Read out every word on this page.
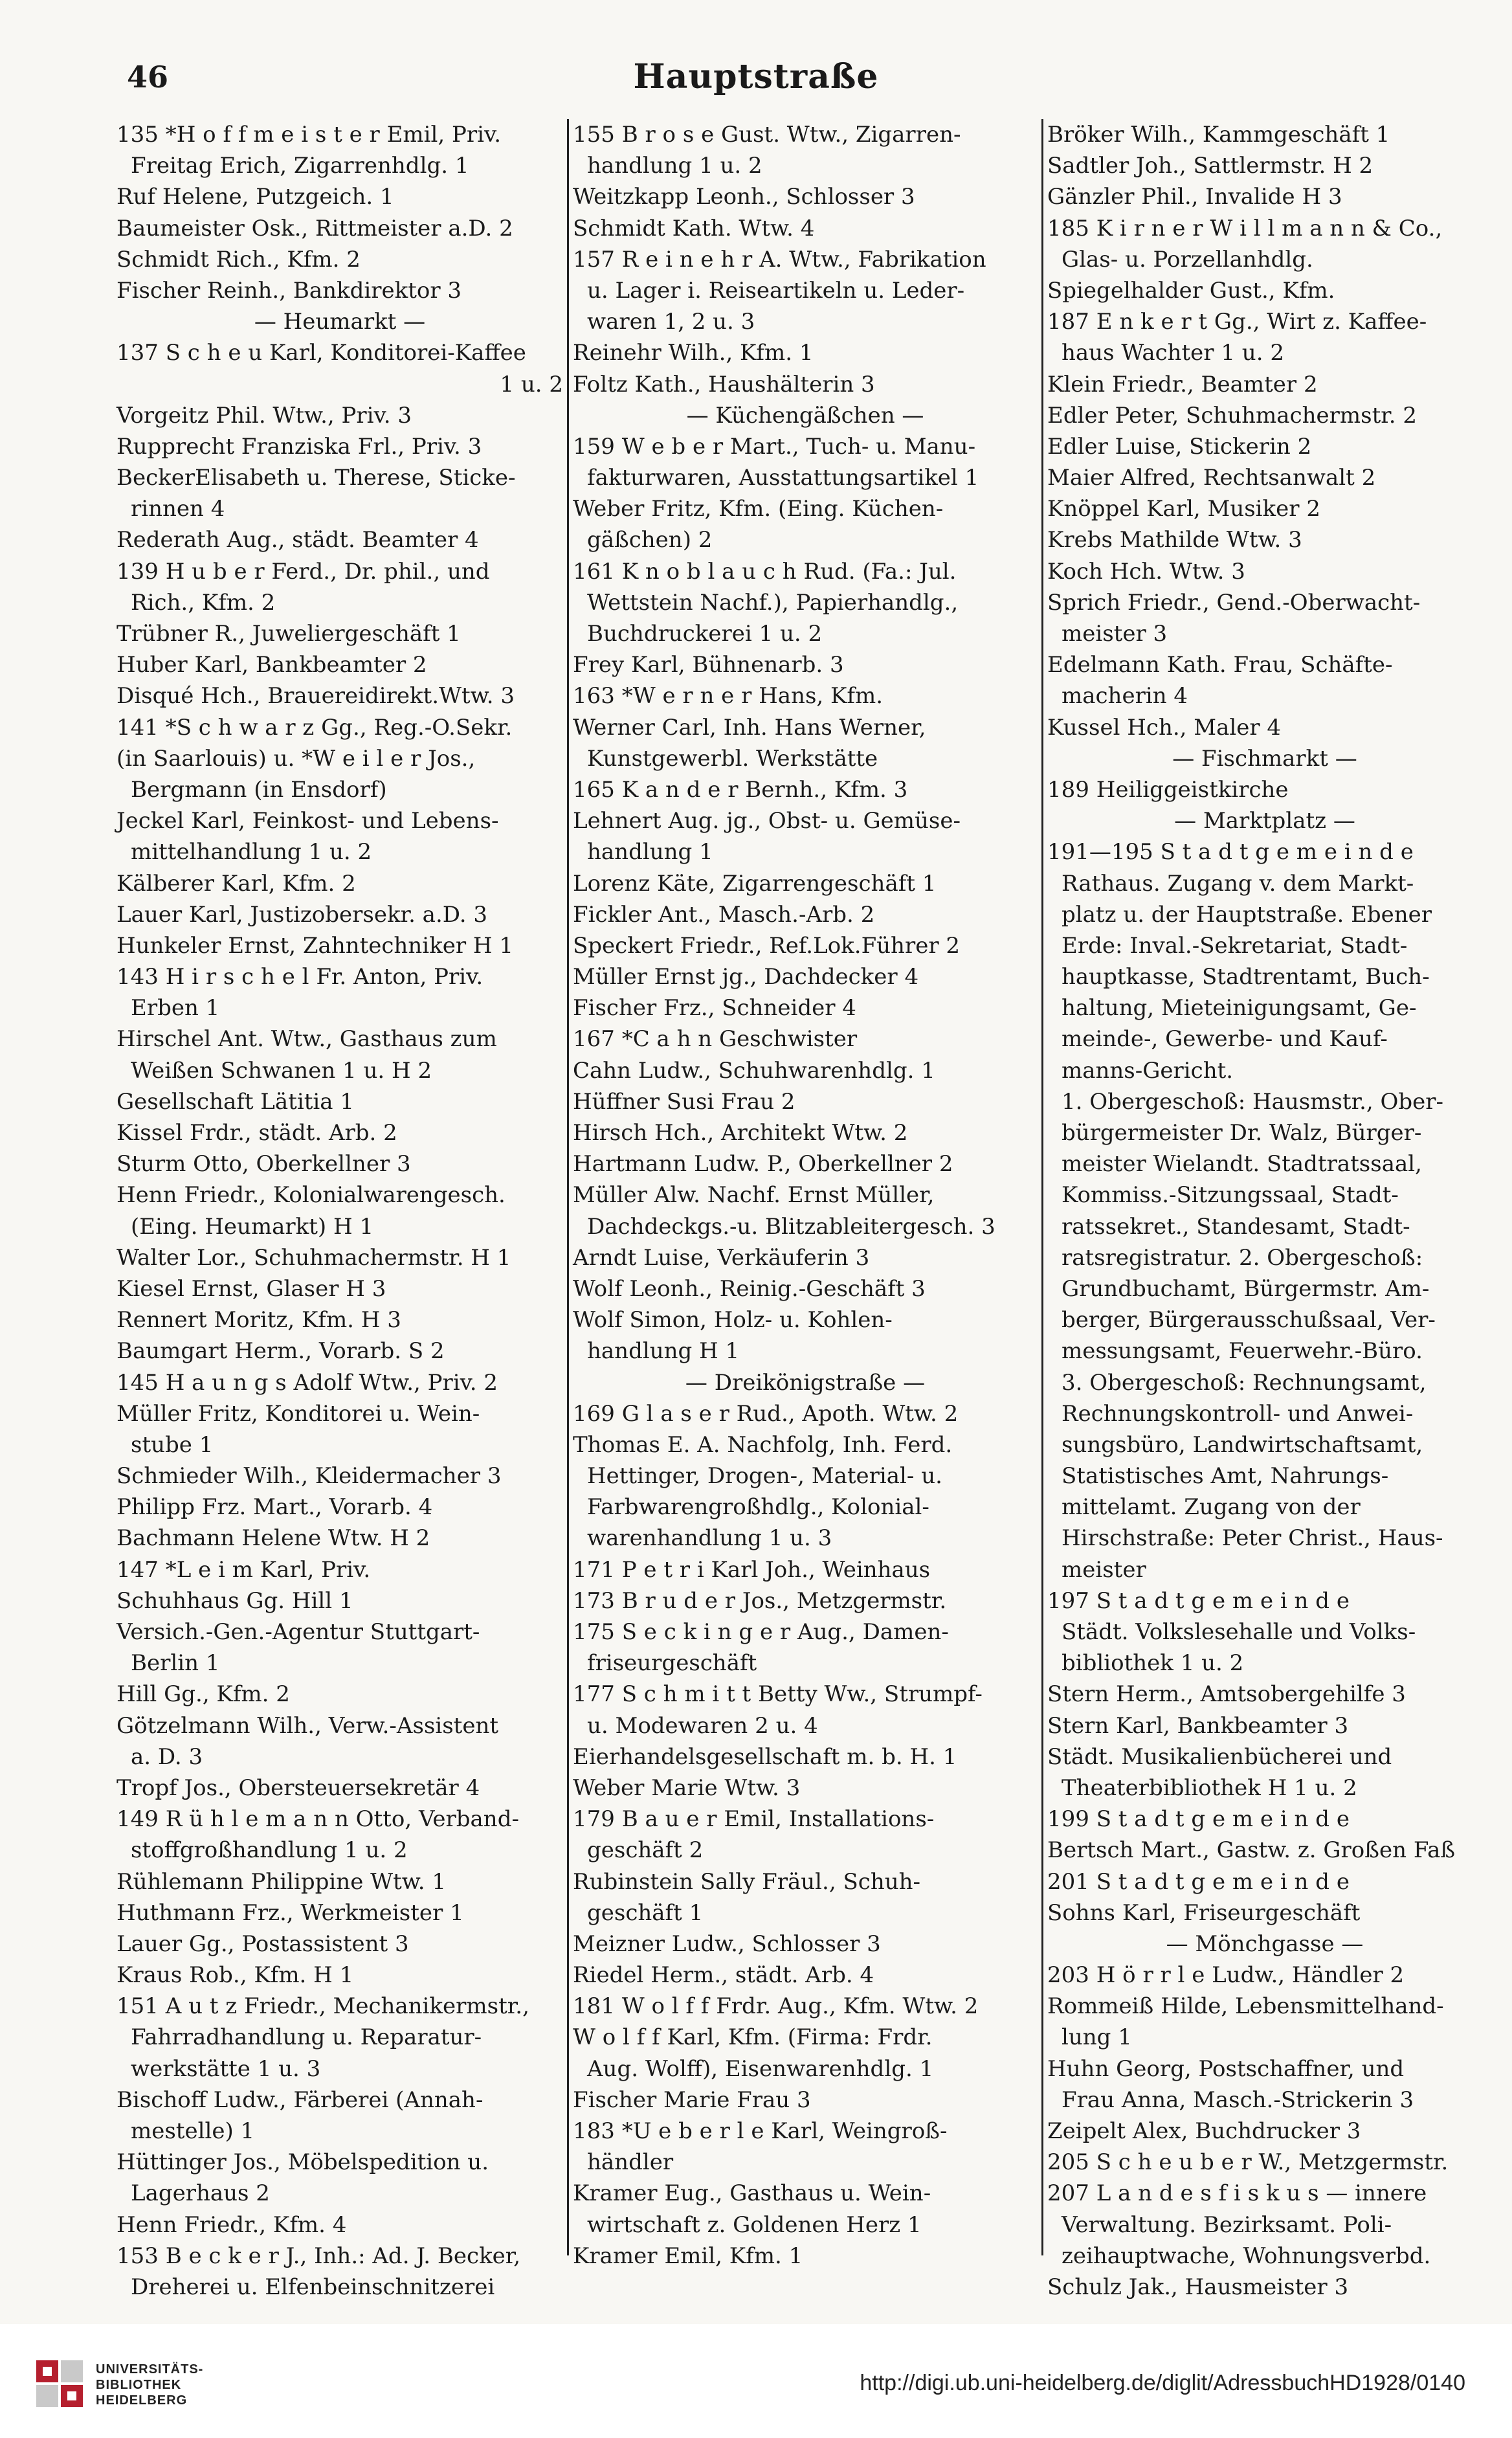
46	Hauptstraße
135 *H o f f m e i s t e r Emil, Priv.
Freitag Erich, Zigarrenhdlg. 1
Ruf Helene, Putzgeich. 1
Baumeister Osk., Rittmeister a.D. 2
Schmidt Rich., Kfm. 2
Fischer Reinh., Bankdirektor 3
— Heumarkt —
137 S c h e u Karl, Konditorei-Kaffee
1 u. 2
Vorgeitz Phil. Wtw., Priv. 3
Rupprecht Franziska Frl., Priv. 3
BeckerElisabeth u. Therese, Sticke-
rinnen 4
Rederath Aug., städt. Beamter 4
139 H u b e r Ferd., Dr. phil., und
Rich., Kfm. 2
Trübner R., Juweliergeschäft 1
Huber Karl, Bankbeamter 2
Disqué Hch., Brauereidirekt.Wtw. 3
141 *S c h w a r z Gg., Reg.-O.Sekr.
(in Saarlouis) u. *W e i l e r Jos.,
Bergmann (in Ensdorf)
Jeckel Karl, Feinkost- und Lebens-
mittelhandlung 1 u. 2
Kälberer Karl, Kfm. 2
Lauer Karl, Justizobersekr. a.D. 3
Hunkeler Ernst, Zahntechniker H 1
143 H i r s c h e l Fr. Anton, Priv.
Erben 1
Hirschel Ant. Wtw., Gasthaus zum
Weißen Schwanen 1 u. H 2
Gesellschaft Lätitia 1
Kissel Frdr., städt. Arb. 2
Sturm Otto, Oberkellner 3
Henn Friedr., Kolonialwarengesch.
(Eing. Heumarkt) H 1
Walter Lor., Schuhmachermstr. H 1
Kiesel Ernst, Glaser H 3
Rennert Moritz, Kfm. H 3
Baumgart Herm., Vorarb. S 2
145 H a u n g s Adolf Wtw., Priv. 2
Müller Fritz, Konditorei u. Wein-
stube 1
Schmieder Wilh., Kleidermacher 3
Philipp Frz. Mart., Vorarb. 4
Bachmann Helene Wtw. H 2
147 *L e i m Karl, Priv.
Schuhhaus Gg. Hill 1
Versich.-Gen.-Agentur Stuttgart-
Berlin 1
Hill Gg., Kfm. 2
Götzelmann Wilh., Verw.-Assistent
a. D. 3
Tropf Jos., Obersteuersekretär 4
149 R ü h l e m a n n Otto, Verband-
stoffgroßhandlung 1 u. 2
Rühlemann Philippine Wtw. 1
Huthmann Frz., Werkmeister 1
Lauer Gg., Postassistent 3
Kraus Rob., Kfm. H 1
151 A u t z Friedr., Mechanikermstr.,
Fahrradhandlung u. Reparatur-
werkstätte 1 u. 3
Bischoff Ludw., Färberei (Annah-
mestelle) 1
Hüttinger Jos., Möbelspedition u.
Lagerhaus 2
Henn Friedr., Kfm. 4
153 B e c k e r J., Inh.: Ad. J. Becker,
Dreherei u. Elfenbeinschnitzerei
155 B r o s e Gust. Wtw., Zigarren-
handlung 1 u. 2
Weitzkapp Leonh., Schlosser 3
Schmidt Kath. Wtw. 4
157 R e i n e h r A. Wtw., Fabrikation
u. Lager i. Reiseartikeln u. Leder-
waren 1, 2 u. 3
Reinehr Wilh., Kfm. 1
Foltz Kath., Haushälterin 3
— Küchengäßchen —
159 W e b e r Mart., Tuch- u. Manu-
fakturwaren, Ausstattungsartikel 1
Weber Fritz, Kfm. (Eing. Küchen-
gäßchen) 2
161 K n o b l a u c h Rud. (Fa.: Jul.
Wettstein Nachf.), Papierhandlg.,
Buchdruckerei 1 u. 2
Frey Karl, Bühnenarb. 3
163 *W e r n e r Hans, Kfm.
Werner Carl, Inh. Hans Werner,
Kunstgewerbl. Werkstätte
165 K a n d e r Bernh., Kfm. 3
Lehnert Aug. jg., Obst- u. Gemüse-
handlung 1
Lorenz Käte, Zigarrengeschäft 1
Fickler Ant., Masch.-Arb. 2
Speckert Friedr., Ref.Lok.Führer 2
Müller Ernst jg., Dachdecker 4
Fischer Frz., Schneider 4
167 *C a h n Geschwister
Cahn Ludw., Schuhwarenhdlg. 1
Hüffner Susi Frau 2
Hirsch Hch., Architekt Wtw. 2
Hartmann Ludw. P., Oberkellner 2
Müller Alw. Nachf. Ernst Müller,
Dachdeckgs.-u. Blitzableitergesch. 3
Arndt Luise, Verkäuferin 3
Wolf Leonh., Reinig.-Geschäft 3
Wolf Simon, Holz- u. Kohlen-
handlung H 1
— Dreikönigstraße —
169 G l a s e r Rud., Apoth. Wtw. 2
Thomas E. A. Nachfolg, Inh. Ferd.
Hettinger, Drogen-, Material- u.
Farbwarengroßhdlg., Kolonial-
warenhandlung 1 u. 3
171 P e t r i Karl Joh., Weinhaus
173 B r u d e r Jos., Metzgermstr.
175 S e c k i n g e r Aug., Damen-
friseurgeschäft
177 S c h m i t t Betty Ww., Strumpf-
u. Modewaren 2 u. 4
Eierhandelsgesellschaft m. b. H. 1
Weber Marie Wtw. 3
179 B a u e r Emil, Installations-
geschäft 2
Rubinstein Sally Fräul., Schuh-
geschäft 1
Meizner Ludw., Schlosser 3
Riedel Herm., städt. Arb. 4
181 W o l f f Frdr. Aug., Kfm. Wtw. 2
W o l f f Karl, Kfm. (Firma: Frdr.
Aug. Wolff), Eisenwarenhdlg. 1
Fischer Marie Frau 3
183 *U e b e r l e Karl, Weingroß-
händler
Kramer Eug., Gasthaus u. Wein-
wirtschaft z. Goldenen Herz 1
Kramer Emil, Kfm. 1
Bröker Wilh., Kammgeschäft 1
Sadtler Joh., Sattlermstr. H 2
Gänzler Phil., Invalide H 3
185 K i r n e r W i l l m a n n & Co.,
Glas- u. Porzellanhdlg.
Spiegelhalder Gust., Kfm.
187 E n k e r t Gg., Wirt z. Kaffee-
haus Wachter 1 u. 2
Klein Friedr., Beamter 2
Edler Peter, Schuhmachermstr. 2
Edler Luise, Stickerin 2
Maier Alfred, Rechtsanwalt 2
Knöppel Karl, Musiker 2
Krebs Mathilde Wtw. 3
Koch Hch. Wtw. 3
Sprich Friedr., Gend.-Oberwacht-
meister 3
Edelmann Kath. Frau, Schäfte-
macherin 4
Kussel Hch., Maler 4
— Fischmarkt —
189 Heiliggeistkirche
— Marktplatz —
191—195 S t a d t g e m e i n d e
Rathaus. Zugang v. dem Markt-
platz u. der Hauptstraße. Ebener
Erde: Inval.-Sekretariat, Stadt-
hauptkasse, Stadtrentamt, Buch-
haltung, Mieteinigungsamt, Ge-
meinde-, Gewerbe- und Kauf-
manns-Gericht.
1. Obergeschoß: Hausmstr., Ober-
bürgermeister Dr. Walz, Bürger-
meister Wielandt. Stadtratssaal,
Kommiss.-Sitzungssaal, Stadt-
ratssekret., Standesamt, Stadt-
ratsregistratur. 2. Obergeschoß:
Grundbuchamt, Bürgermstr. Am-
berger, Bürgerausschußsaal, Ver-
messungsamt, Feuerwehr.-Büro.
3. Obergeschoß: Rechnungsamt,
Rechnungskontroll- und Anwei-
sungsbüro, Landwirtschaftsamt,
Statistisches Amt, Nahrungs-
mittelamt. Zugang von der
Hirschstraße: Peter Christ., Haus-
meister
197 S t a d t g e m e i n d e
Städt. Volkslesehalle und Volks-
bibliothek 1 u. 2
Stern Herm., Amtsobergehilfe 3
Stern Karl, Bankbeamter 3
Städt. Musikalienbücherei und
Theaterbibliothek H 1 u. 2
199 S t a d t g e m e i n d e
Bertsch Mart., Gastw. z. Großen Faß
201 S t a d t g e m e i n d e
Sohns Karl, Friseurgeschäft
— Mönchgasse —
203 H ö r r l e Ludw., Händler 2
Rommeiß Hilde, Lebensmittelhand-
lung 1
Huhn Georg, Postschaffner, und
Frau Anna, Masch.-Strickerin 3
Zeipelt Alex, Buchdrucker 3
205 S c h e u b e r W., Metzgermstr.
207 L a n d e s f i s k u s — innere
Verwaltung. Bezirksamt. Poli-
zeihauptwache, Wohnungsverbd.
Schulz Jak., Hausmeister 3
UNIVERSITÄTS-
BIBLIOTHEK
HEIDELBERG
http://digi.ub.uni-heidelberg.de/diglit/AdressbuchHD1928/0140
